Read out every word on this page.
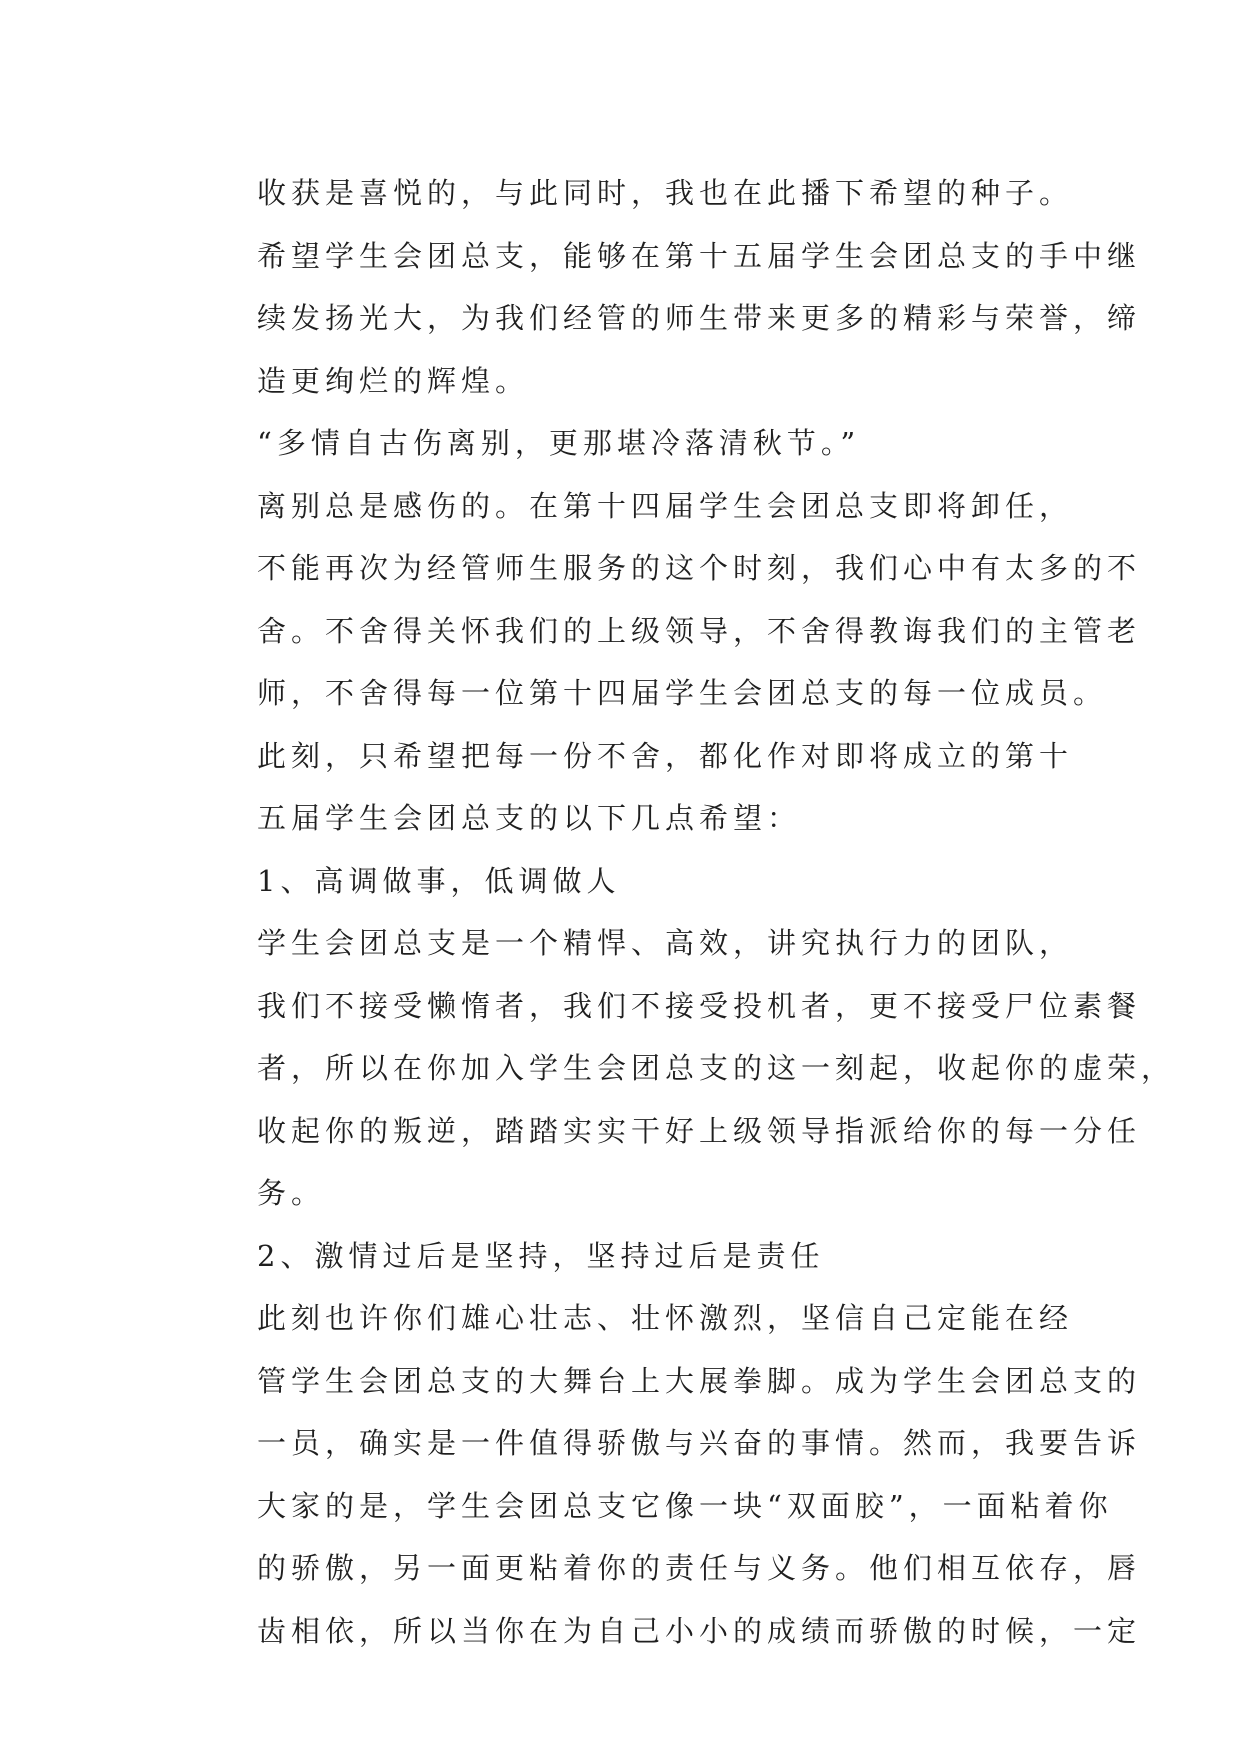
收获是喜悦的，与此同时，我也在此播下希望的种子。
希望学生会团总支，能够在第十五届学生会团总支的手中继
续发扬光大，为我们经管的师生带来更多的精彩与荣誉，缔
造更绚烂的辉煌。

“多情自古伤离别，更那堪冷落清秋节。”

离别总是感伤的。在第十四届学生会团总支即将卸任，
不能再次为经管师生服务的这个时刻，我们心中有太多的不
舍。不舍得关怀我们的上级领导，不舍得教诲我们的主管老
师，不舍得每一位第十四届学生会团总支的每一位成员。

此刻，只希望把每一份不舍，都化作对即将成立的第十
五届学生会团总支的以下几点希望：

1、高调做事，低调做人

学生会团总支是一个精悍、高效，讲究执行力的团队，
我们不接受懒惰者，我们不接受投机者，更不接受尸位素餐
者，所以在你加入学生会团总支的这一刻起，收起你的虚荣，
收起你的叛逆，踏踏实实干好上级领导指派给你的每一分任
务。

2、激情过后是坚持，坚持过后是责任

此刻也许你们雄心壮志、壮怀激烈，坚信自己定能在经
管学生会团总支的大舞台上大展拳脚。成为学生会团总支的
一员，确实是一件值得骄傲与兴奋的事情。然而，我要告诉
大家的是，学生会团总支它像一块“双面胶”，一面粘着你
的骄傲，另一面更粘着你的责任与义务。他们相互依存，唇
齿相依，所以当你在为自己小小的成绩而骄傲的时候，一定
